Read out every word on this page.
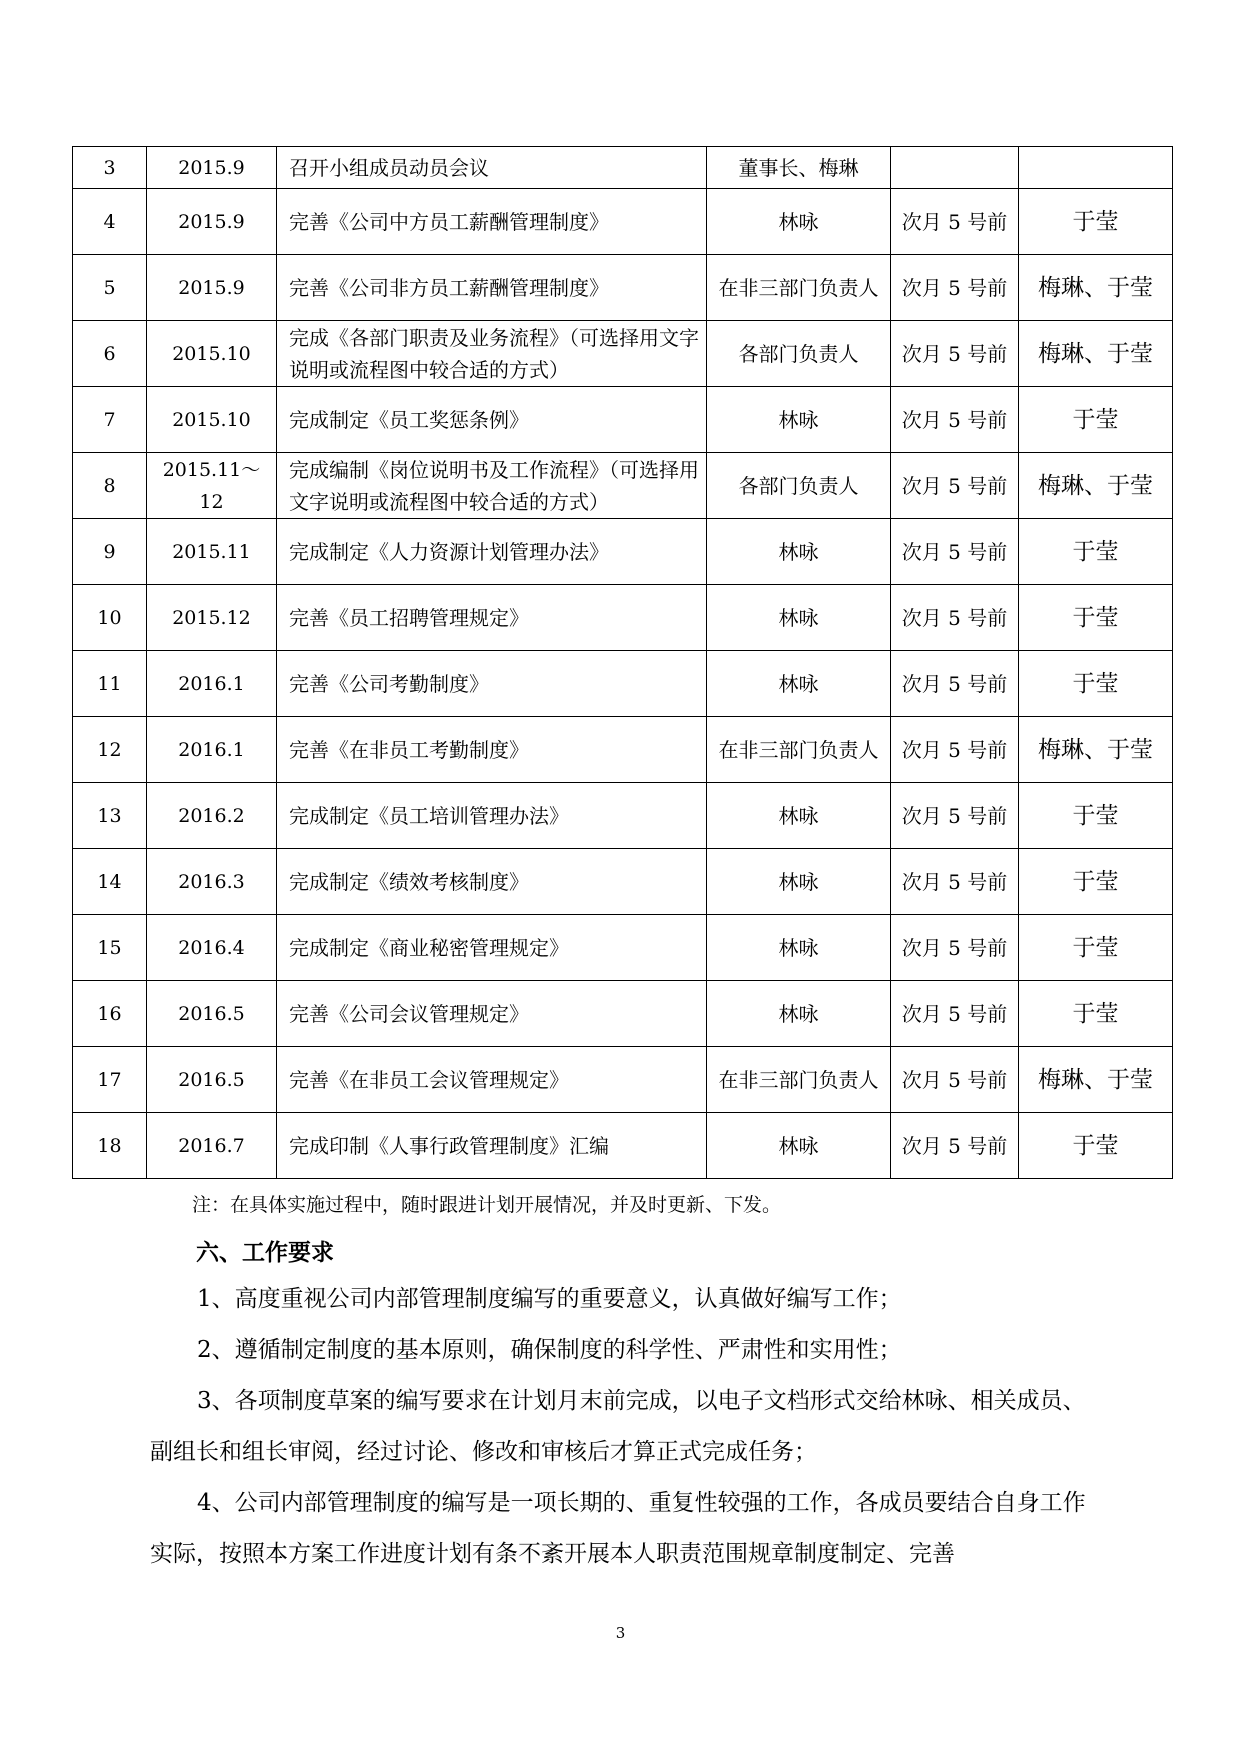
3	2015.9	召开小组成员动员会议	董事长、梅琳		
4	2015.9	完善《公司中方员工薪酬管理制度》	林咏	次月 5 号前	于莹
5	2015.9	完善《公司非方员工薪酬管理制度》	在非三部门负责人	次月 5 号前	梅琳、于莹
6	2015.10	完成《各部门职责及业务流程》（可选择用文字说明或流程图中较合适的方式）	各部门负责人	次月 5 号前	梅琳、于莹
7	2015.10	完成制定《员工奖惩条例》	林咏	次月 5 号前	于莹
8	2015.11～12	完成编制《岗位说明书及工作流程》（可选择用文字说明或流程图中较合适的方式）	各部门负责人	次月 5 号前	梅琳、于莹
9	2015.11	完成制定《人力资源计划管理办法》	林咏	次月 5 号前	于莹
10	2015.12	完善《员工招聘管理规定》	林咏	次月 5 号前	于莹
11	2016.1	完善《公司考勤制度》	林咏	次月 5 号前	于莹
12	2016.1	完善《在非员工考勤制度》	在非三部门负责人	次月 5 号前	梅琳、于莹
13	2016.2	完成制定《员工培训管理办法》	林咏	次月 5 号前	于莹
14	2016.3	完成制定《绩效考核制度》	林咏	次月 5 号前	于莹
15	2016.4	完成制定《商业秘密管理规定》	林咏	次月 5 号前	于莹
16	2016.5	完善《公司会议管理规定》	林咏	次月 5 号前	于莹
17	2016.5	完善《在非员工会议管理规定》	在非三部门负责人	次月 5 号前	梅琳、于莹
18	2016.7	完成印制《人事行政管理制度》汇编	林咏	次月 5 号前	于莹
注：在具体实施过程中，随时跟进计划开展情况，并及时更新、下发。
六、工作要求

1、高度重视公司内部管理制度编写的重要意义，认真做好编写工作；

2、遵循制定制度的基本原则，确保制度的科学性、严肃性和实用性；

3、各项制度草案的编写要求在计划月末前完成，以电子文档形式交给林咏、相关成员、副组长和组长审阅，经过讨论、修改和审核后才算正式完成任务；

4、公司内部管理制度的编写是一项长期的、重复性较强的工作，各成员要结合自身工作实际，按照本方案工作进度计划有条不紊开展本人职责范围规章制度制定、完善

3
